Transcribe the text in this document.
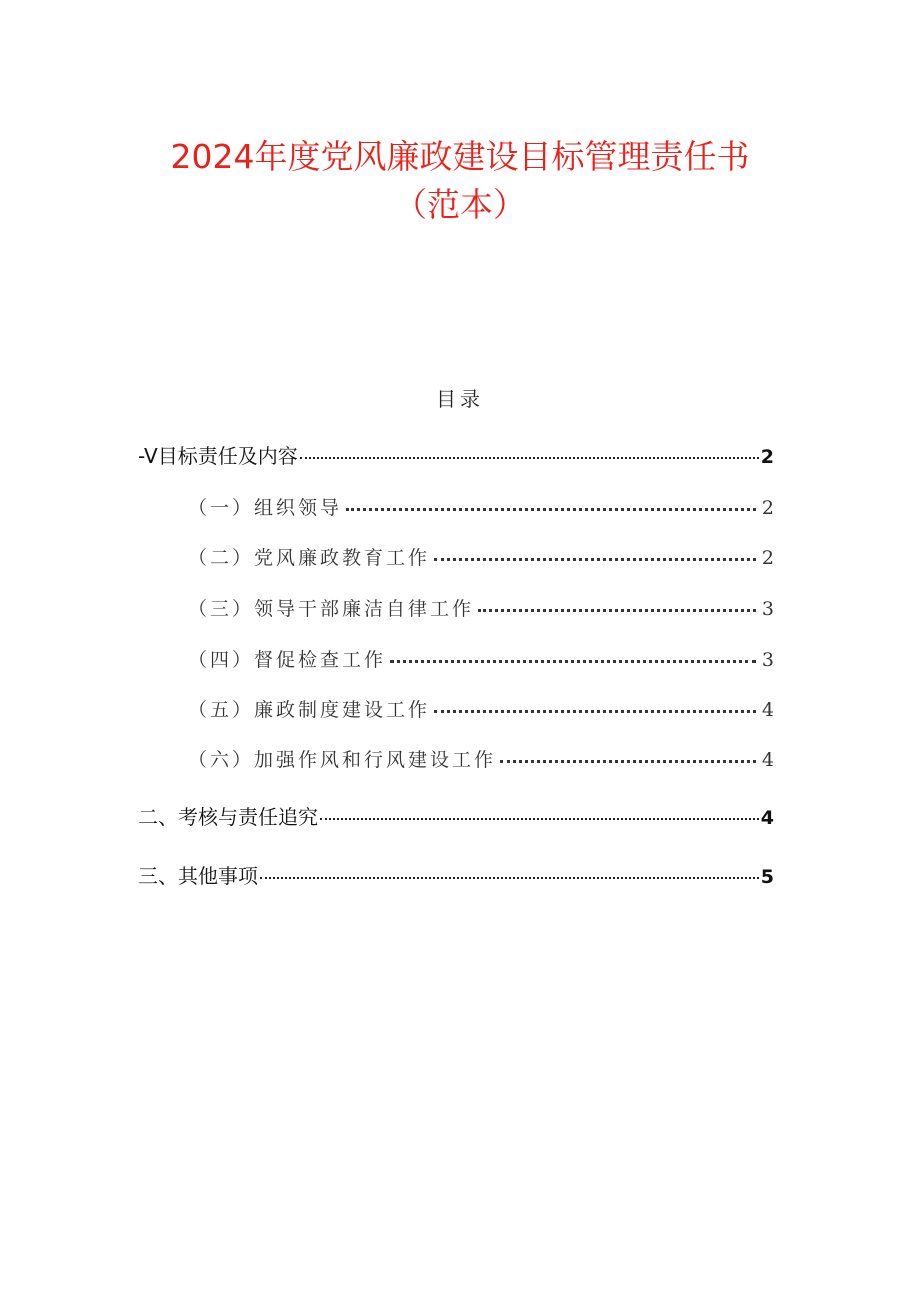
2024年度党风廉政建设目标管理责任书
（范本）
目录
-V目标责任及内容	2
（一）组织领导	2
（二）党风廉政教育工作	2
（三）领导干部廉洁自律工作	3
（四）督促检查工作	3
（五）廉政制度建设工作	4
（六）加强作风和行风建设工作	4
二、考核与责任追究	4
三、其他事项	5
